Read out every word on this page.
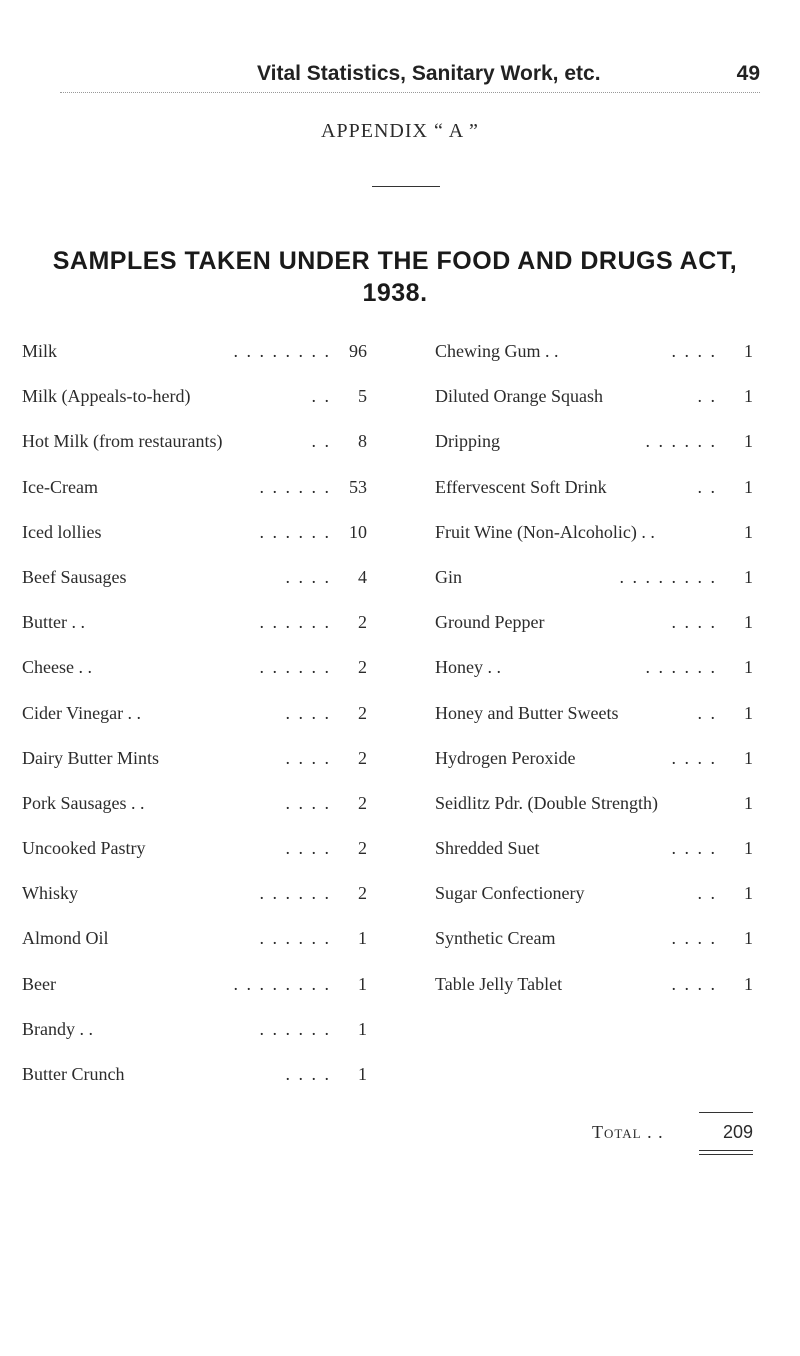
Vital Statistics, Sanitary Work, etc.	49
APPENDIX “ A ”
SAMPLES TAKEN UNDER THE FOOD AND DRUGS ACT,
1938.
. . . . . . . .
Milk	96
. .
Milk (Appeals-to-herd)	5
. .
Hot Milk (from restaurants)	8
. . . . . .
Ice-Cream	53
. . . . . .
Iced lollies	10
. . . .
Beef Sausages	4
. . . . . .
Butter . .	2
. . . . . .
Cheese . .	2
. . . .
Cider Vinegar . .	2
. . . .
Dairy Butter Mints	2
. . . .
Pork Sausages . .	2
. . . .
Uncooked Pastry	2
. . . . . .
Whisky	2
. . . . . .
Almond Oil	1
. . . . . . . .
Beer	1
. . . . . .
Brandy . .	1
. . . .
Butter Crunch	1
. . . .
Chewing Gum . .	1
. .
Diluted Orange Squash	1
. . . . . .
Dripping	1
. .
Effervescent Soft Drink	1
Fruit Wine (Non-Alcoholic) . .	1
. . . . . . . .
Gin	1
. . . .
Ground Pepper	1
. . . . . .
Honey . .	1
. .
Honey and Butter Sweets	1
. . . .
Hydrogen Peroxide	1
Seidlitz Pdr. (Double Strength)	1
. . . .
Shredded Suet	1
. .
Sugar Confectionery	1
. . . .
Synthetic Cream	1
. . . .
Table Jelly Tablet	1
Total . .	209
